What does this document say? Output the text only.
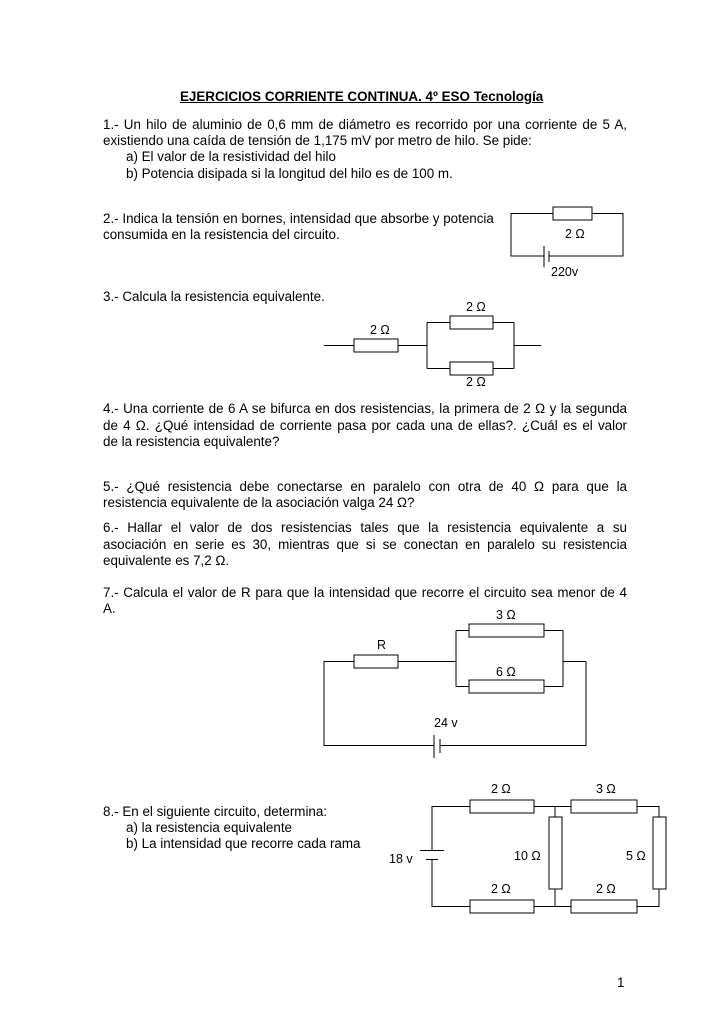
EJERCICIOS CORRIENTE CONTINUA. 4º ESO Tecnología
1.- Un hilo de aluminio de 0,6 mm de diámetro es recorrido por una corriente de 5 A,
existiendo una caída de tensión de 1,175 mV por metro de hilo. Se pide:
a) El valor de la resistividad del hilo
b) Potencia disipada si la longitud del hilo es de 100 m.
2.- Indica la tensión en bornes, intensidad que absorbe y potencia
consumida en la resistencia del circuito.
3.- Calcula la resistencia equivalente.
4.- Una corriente de 6 A se bifurca en dos resistencias, la primera de 2 Ω y la segunda
de 4 Ω. ¿Qué intensidad de corriente pasa por cada una de ellas?. ¿Cuál es el valor
de la resistencia equivalente?
5.- ¿Qué resistencia debe conectarse en paralelo con otra de 40 Ω para que la
resistencia equivalente de la asociación valga 24 Ω?
6.- Hallar el valor de dos resistencias tales que la resistencia equivalente a su
asociación en serie es 30, mientras que si se conectan en paralelo su resistencia
equivalente es 7,2 Ω.
7.- Calcula el valor de R para que la intensidad que recorre el circuito sea menor de 4
A.
8.- En el siguiente circuito, determina:
a) la resistencia equivalente
b) La intensidad que recorre cada rama
1
2 Ω
220v
2 Ω
2 Ω
2 Ω
R
3 Ω
6 Ω
24 v
2 Ω	3 Ω
10 Ω	5 Ω
2 Ω	2 Ω
18 v
